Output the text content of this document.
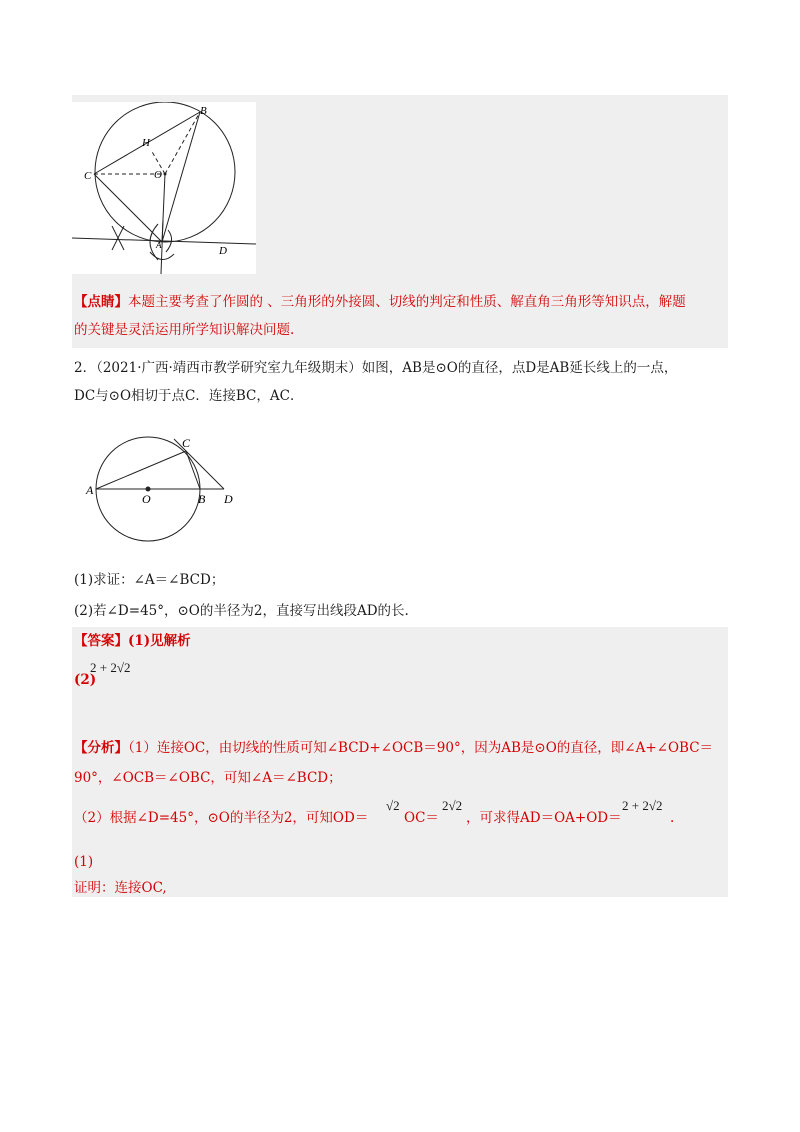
B
H
O
C
A	D
【点睛】本题主要考查了作圆的 、三角形的外接圆、切线的判定和性质、解直角三角形等知识点，解题
的关键是灵活运用所学知识解决问题.
2．（2021·广西·靖西市教学研究室九年级期末）如图，AB是⊙O的直径，点D是AB延长线上的一点，
DC与⊙O相切于点C．连接BC，AC．
A
O	B D
C
(1)求证：∠A＝∠BCD；
(2)若∠D=45°，⊙O的半径为2，直接写出线段AD的长.
【答案】(1)见解析
(2)
2 + 2√2
【分析】（1）连接OC，由切线的性质可知∠BCD+∠OCB＝90°，因为AB是⊙O的直径，即∠A+∠OBC＝
90°，∠OCB＝∠OBC，可知∠A＝∠BCD；
（2）根据∠D=45°，⊙O的半径为2，可知OD＝
√2
OC＝
2√2
，可求得AD＝OA+OD＝
2 + 2√2
.
(1)
证明：连接OC,
